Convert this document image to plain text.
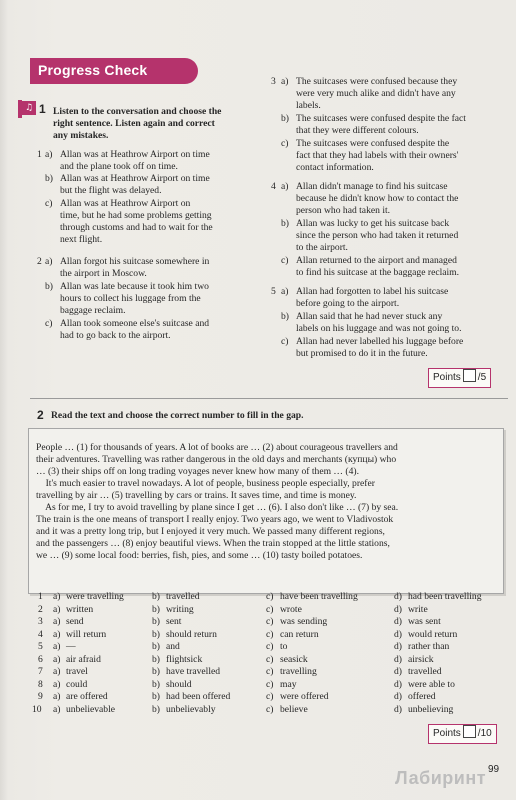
Progress Check
♫ 1 Listen to the conversation and choose the
right sentence. Listen again and correct
any mistakes.
1 a) Allan was at Heathrow Airport on time
and the plane took off on time.
b) Allan was at Heathrow Airport on time
but the flight was delayed.
c) Allan was at Heathrow Airport on
time, but he had some problems getting
through customs and had to wait for the
next flight.
2 a) Allan forgot his suitcase somewhere in
the airport in Moscow.
b) Allan was late because it took him two
hours to collect his luggage from the
baggage reclaim.
c) Allan took someone else's suitcase and
had to go back to the airport.
3 a) The suitcases were confused because they
were very much alike and didn't have any
labels.
b) The suitcases were confused despite the fact
that they were different colours.
c) The suitcases were confused despite the
fact that they had labels with their owners'
contact information.
4 a) Allan didn't manage to find his suitcase
because he didn't know how to contact the
person who had taken it.
b) Allan was lucky to get his suitcase back
since the person who had taken it returned
to the airport.
c) Allan returned to the airport and managed
to find his suitcase at the baggage reclaim.
5 a) Allan had forgotten to label his suitcase
before going to the airport.
b) Allan said that he had never stuck any
labels on his luggage and was not going to.
c) Allan had never labelled his luggage before
but promised to do it in the future.
Points /5
2 Read the text and choose the correct number to fill in the gap.
People … (1) for thousands of years. A lot of books are … (2) about courageous travellers and
their adventures. Travelling was rather dangerous in the old days and merchants (купцы) who
… (3) their ships off on long trading voyages never knew how many of them … (4).
It's much easier to travel nowadays. A lot of people, business people especially, prefer
travelling by air … (5) travelling by cars or trains. It saves time, and time is money.
As for me, I try to avoid travelling by plane since I get … (6). I also don't like … (7) by sea.
The train is the one means of transport I really enjoy. Two years ago, we went to Vladivostok
and it was a pretty long trip, but I enjoyed it very much. We passed many different regions,
and the passengers … (8) enjoy beautiful views. When the train stopped at the little stations,
we … (9) some local food: berries, fish, pies, and some … (10) tasty boiled potatoes.
1 a) were travelling	b) travelled	c) have been travelling	d) had been travelling
2 a) written	b) writing	c) wrote	d) write
3 a) send	b) sent	c) was sending	d) was sent
4 a) will return	b) should return	c) can return	d) would return
5 a) —	b) and	c) to	d) rather than
6 a) air afraid	b) flightsick	c) seasick	d) airsick
7 a) travel	b) have travelled	c) travelling	d) travelled
8 a) could	b) should	c) may	d) were able to
9 a) are offered	b) had been offered	c) were offered	d) offered
10 a) unbelievable	b) unbelievably	c) believe	d) unbelieving
Points /10
Лабиринт 99
